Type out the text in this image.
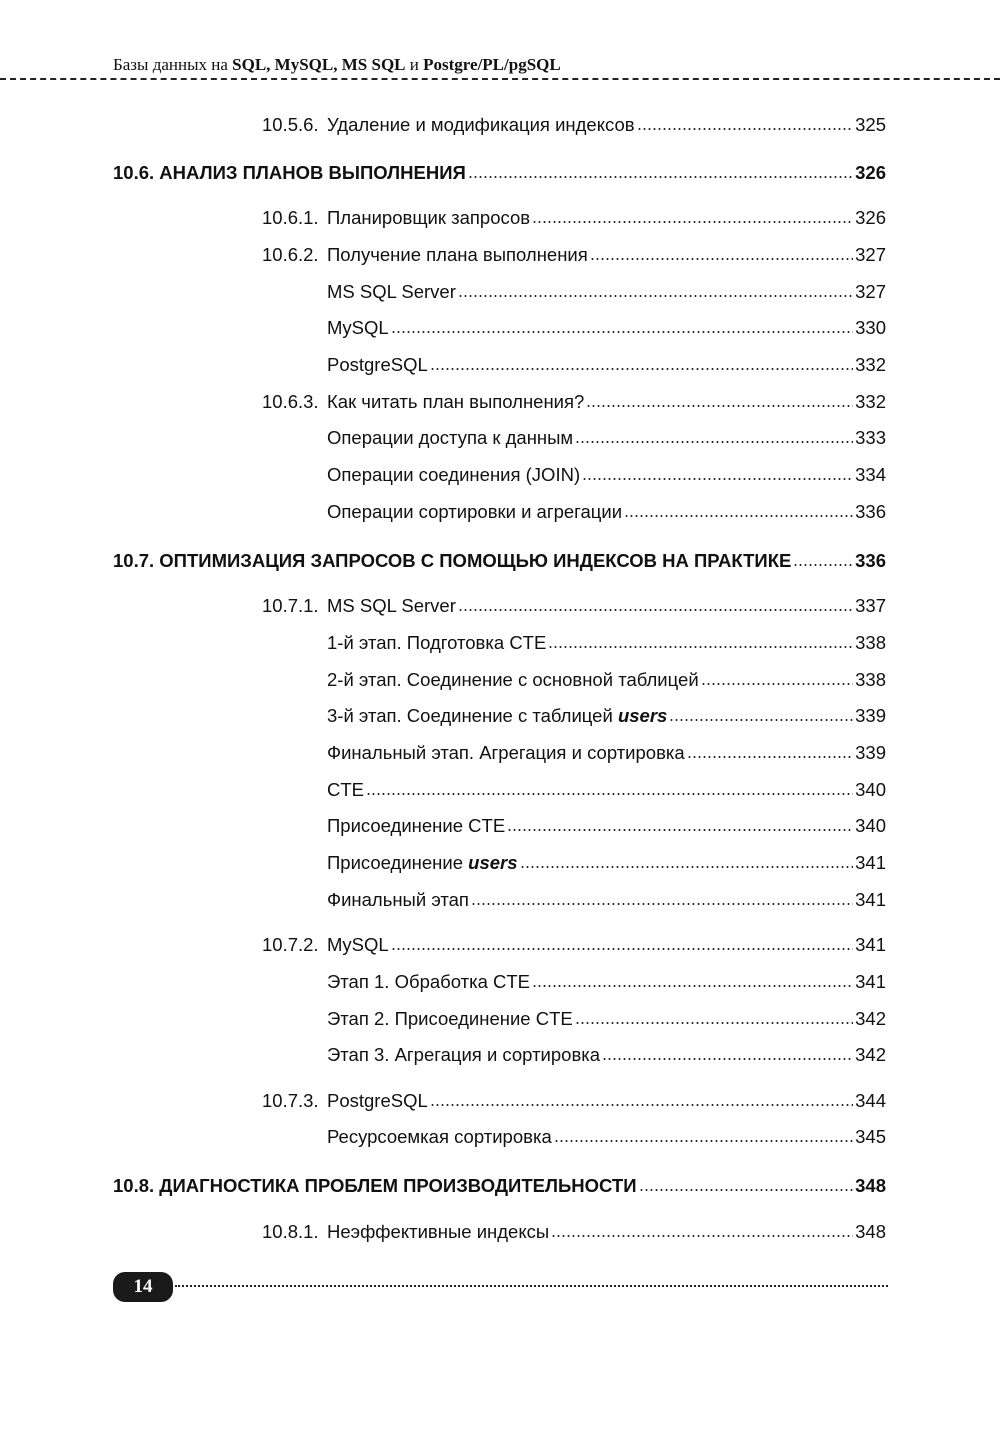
Базы данных на SQL, MySQL, MS SQL и Postgre/PL/pgSQL
10.5.6. Удаление и модификация индексов	325
10.6. АНАЛИЗ ПЛАНОВ ВЫПОЛНЕНИЯ	326
10.6.1. Планировщик запросов	326
10.6.2. Получение плана выполнения	327
MS SQL Server	327
MySQL	330
PostgreSQL	332
10.6.3. Как читать план выполнения?	332
Операции доступа к данным	333
Операции соединения (JOIN)	334
Операции сортировки и агрегации	336
10.7. ОПТИМИЗАЦИЯ ЗАПРОСОВ С ПОМОЩЬЮ ИНДЕКСОВ НА ПРАКТИКЕ	336
10.7.1. MS SQL Server	337
1-й этап. Подготовка CTE	338
2-й этап. Соединение с основной таблицей	338
3-й этап. Соединение с таблицей users	339
Финальный этап. Агрегация и сортировка	339
CTE	340
Присоединение CTE	340
Присоединение users	341
Финальный этап	341
10.7.2. MySQL	341
Этап 1. Обработка CTE	341
Этап 2. Присоединение CTE	342
Этап 3. Агрегация и сортировка	342
10.7.3. PostgreSQL	344
Ресурсоемкая сортировка	345
10.8. ДИАГНОСТИКА ПРОБЛЕМ ПРОИЗВОДИТЕЛЬНОСТИ	348
10.8.1. Неэффективные индексы	348
14
